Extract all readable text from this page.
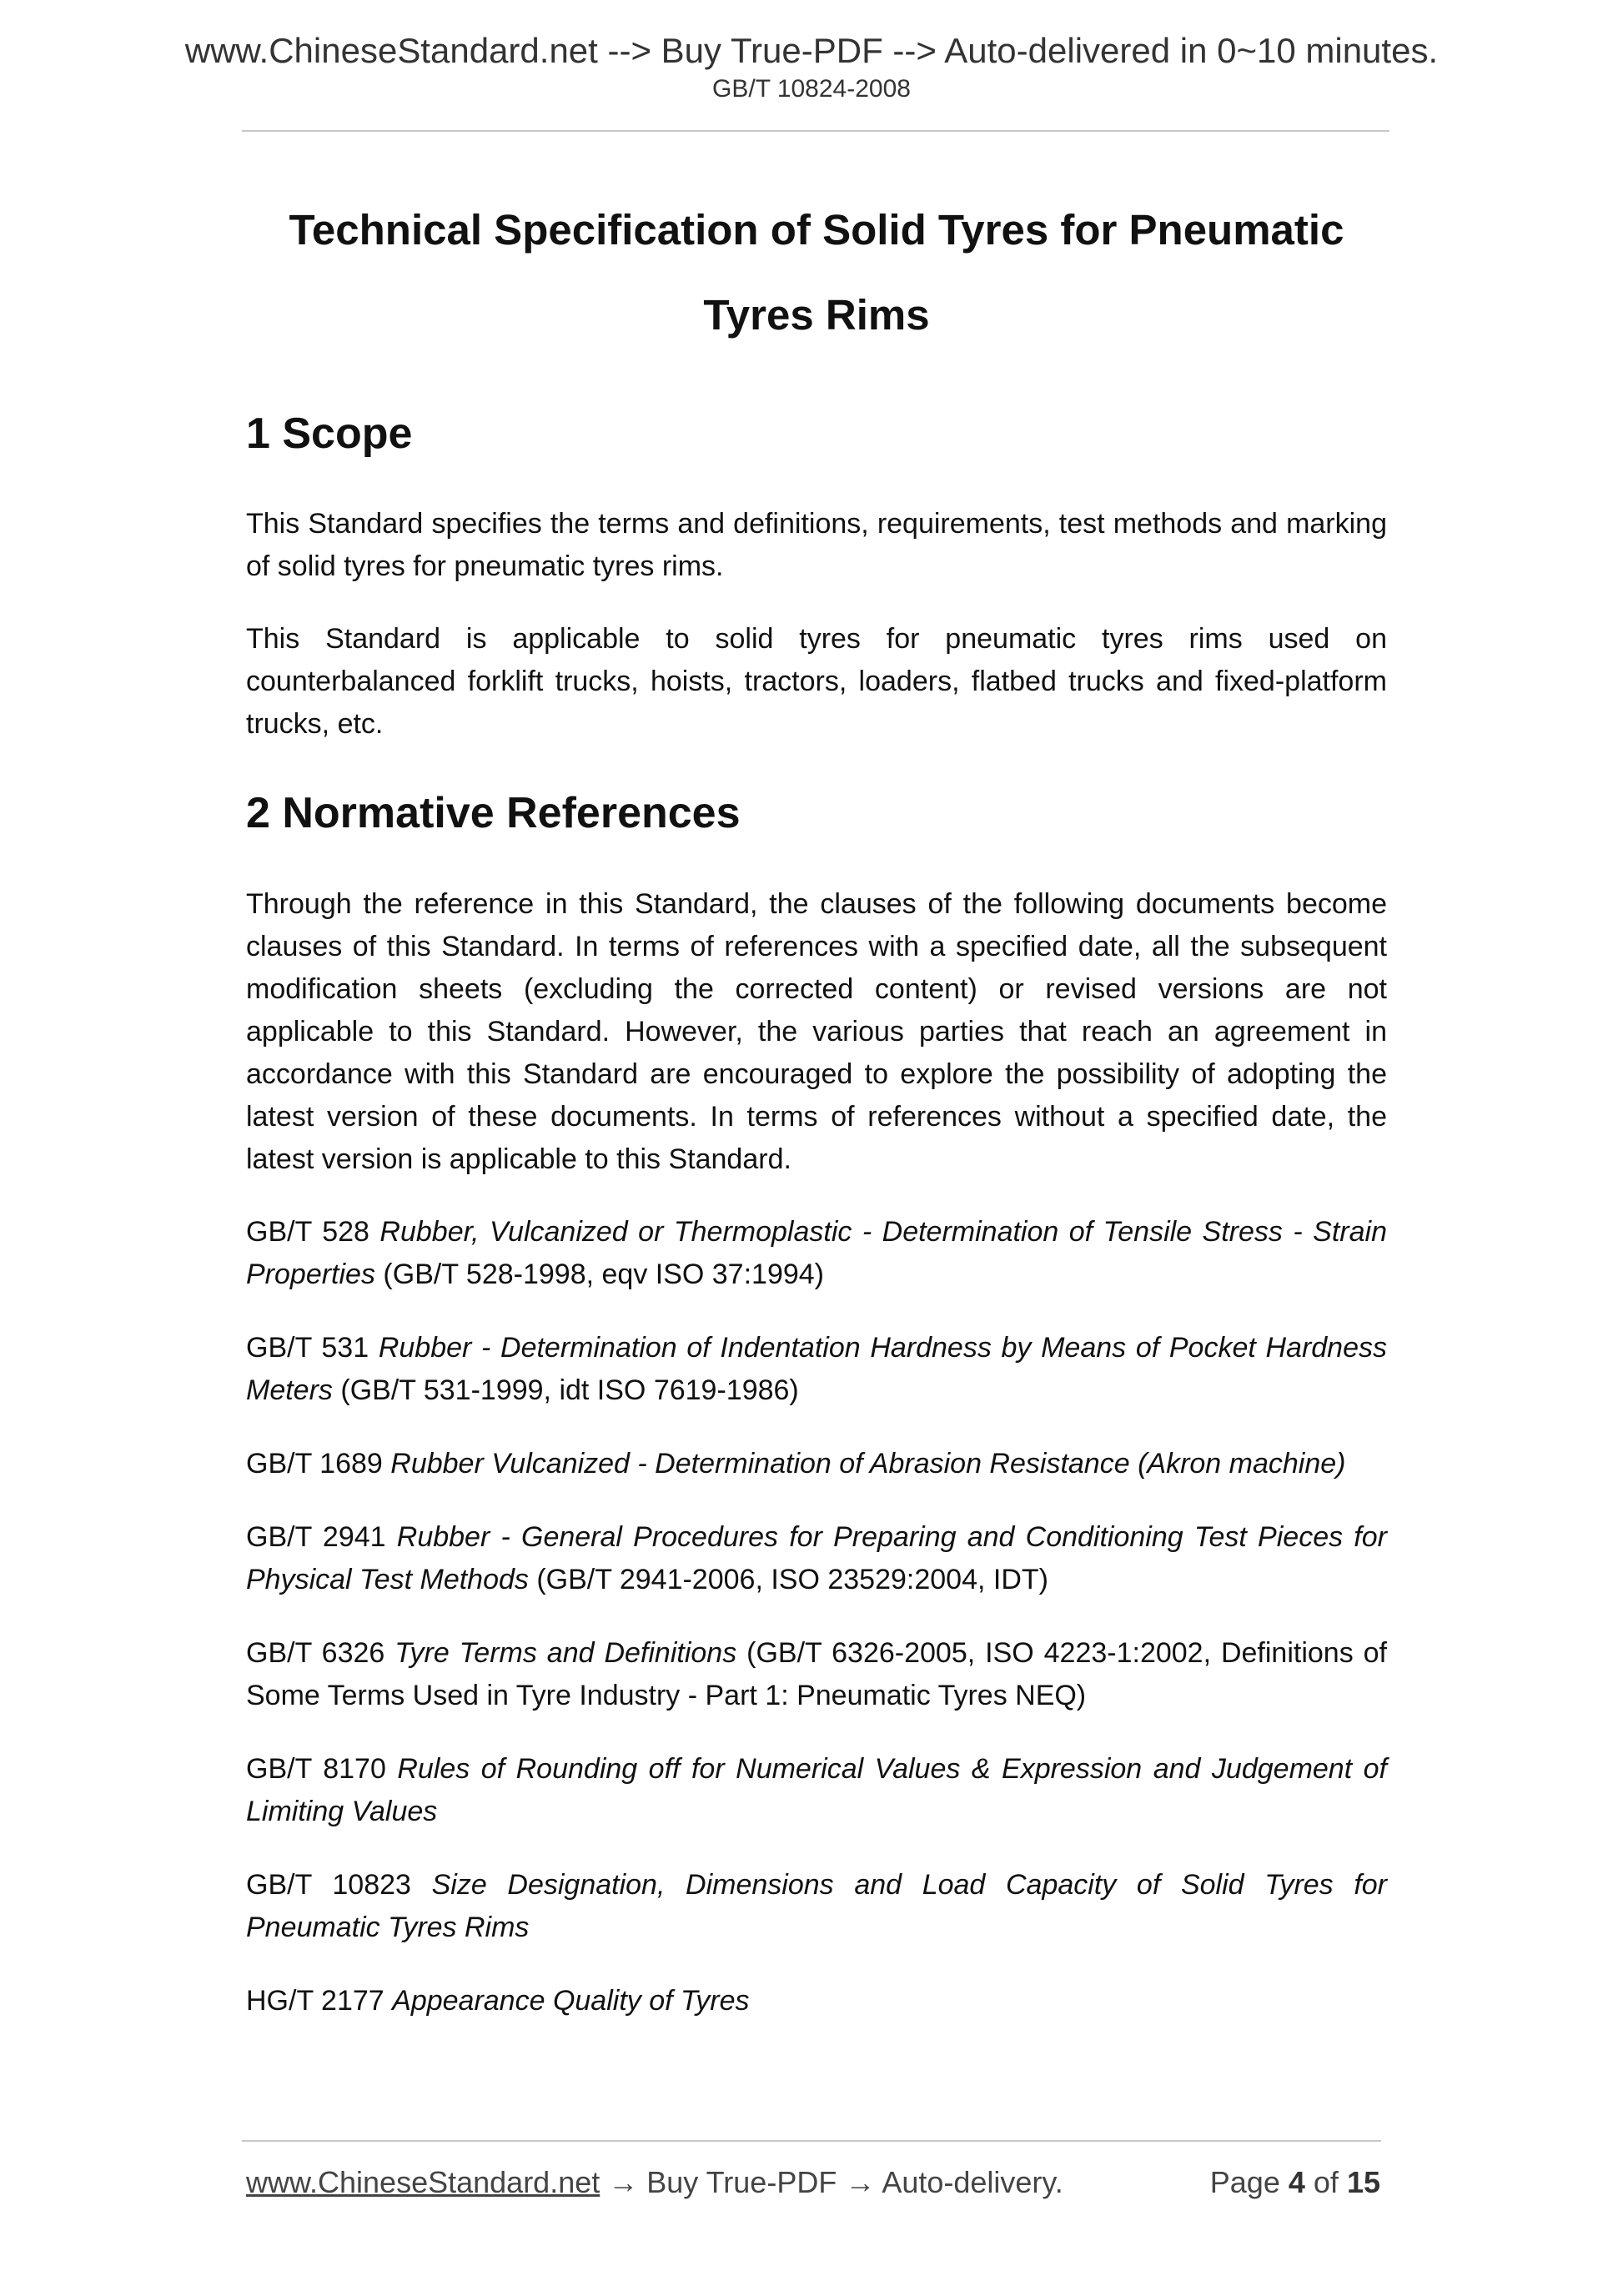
www.ChineseStandard.net --> Buy True-PDF --> Auto-delivered in 0~10 minutes.
GB/T 10824-2008
Technical Specification of Solid Tyres for Pneumatic
Tyres Rims
1 Scope

This Standard specifies the terms and definitions, requirements, test methods and marking of solid tyres for pneumatic tyres rims.

This Standard is applicable to solid tyres for pneumatic tyres rims used on counterbalanced forklift trucks, hoists, tractors, loaders, flatbed trucks and fixed-platform trucks, etc.

2 Normative References

Through the reference in this Standard, the clauses of the following documents become clauses of this Standard. In terms of references with a specified date, all the subsequent modification sheets (excluding the corrected content) or revised versions are not applicable to this Standard. However, the various parties that reach an agreement in accordance with this Standard are encouraged to explore the possibility of adopting the latest version of these documents. In terms of references without a specified date, the latest version is applicable to this Standard.

GB/T 528 Rubber, Vulcanized or Thermoplastic - Determination of Tensile Stress - Strain Properties (GB/T 528-1998, eqv ISO 37:1994)

GB/T 531 Rubber - Determination of Indentation Hardness by Means of Pocket Hardness Meters (GB/T 531-1999, idt ISO 7619-1986)

GB/T 1689 Rubber Vulcanized - Determination of Abrasion Resistance (Akron machine)

GB/T 2941 Rubber - General Procedures for Preparing and Conditioning Test Pieces for Physical Test Methods (GB/T 2941-2006, ISO 23529:2004, IDT)

GB/T 6326 Tyre Terms and Definitions (GB/T 6326-2005, ISO 4223-1:2002, Definitions of Some Terms Used in Tyre Industry - Part 1: Pneumatic Tyres NEQ)

GB/T 8170 Rules of Rounding off for Numerical Values & Expression and Judgement of Limiting Values

GB/T 10823 Size Designation, Dimensions and Load Capacity of Solid Tyres for Pneumatic Tyres Rims

HG/T 2177 Appearance Quality of Tyres

www.ChineseStandard.net → Buy True-PDF → Auto-delivery.	Page 4 of 15
